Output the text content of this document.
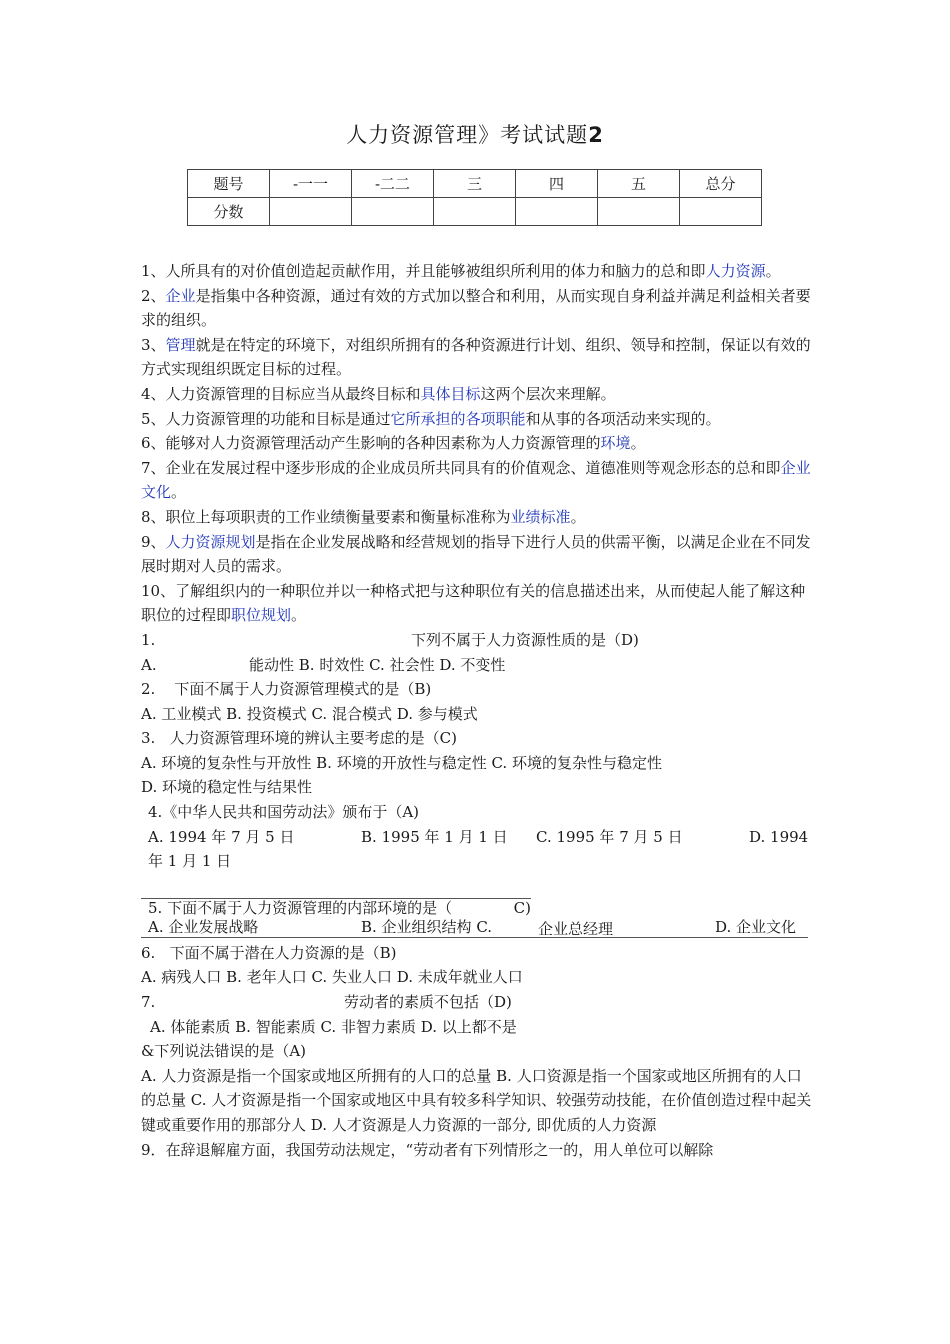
人力资源管理》考试试题2
题号	-一一	-二二	三	四	五	总分
分数						

1、人所具有的对价值创造起贡献作用，并且能够被组织所利用的体力和脑力的总和即人力资源。

2、企业是指集中各种资源，通过有效的方式加以整合和利用，从而实现自身利益并满足利益相关者要求的组织。

3、管理就是在特定的环境下，对组织所拥有的各种资源进行计划、组织、领导和控制，保证以有效的方式实现组织既定目标的过程。

4、人力资源管理的目标应当从最终目标和具体目标这两个层次来理解。

5、人力资源管理的功能和目标是通过它所承担的各项职能和从事的各项活动来实现的。

6、能够对人力资源管理活动产生影响的各种因素称为人力资源管理的环境。

7、企业在发展过程中逐步形成的企业成员所共同具有的价值观念、道德准则等观念形态的总和即企业文化。

8、职位上每项职责的工作业绩衡量要素和衡量标准称为业绩标准。

9、人力资源规划是指在企业发展战略和经营规划的指导下进行人员的供需平衡，以满足企业在不同发展时期对人员的需求。

10、了解组织内的一种职位并以一种格式把与这种职位有关的信息描述出来，从而使起人能了解这种职位的过程即职位规划。

1.	下列不属于人力资源性质的是（D)
A.	能动性 B. 时效性 C. 社会性 D. 不变性

2.    下面不属于人力资源管理模式的是（B)

A. 工业模式 B. 投资模式 C. 混合模式 D. 参与模式

3.   人力资源管理环境的辨认主要考虑的是（C)

A. 环境的复杂性与开放性 B. 环境的开放性与稳定性 C. 环境的复杂性与稳定性

D. 环境的稳定性与结果性

4.《中华人民共和国劳动法》颁布于（A)

A. 1994 年 7 月 5 日	B. 1995 年 1 月 1 日	C. 1995 年 7 月 5 日	D. 1994

年 1 月 1 日

5. 下面不属于人力资源管理的内部环境的是（	C)
A. 企业发展战略	B. 企业组织结构 C.	企业总经理	D. 企业文化

6.   下面不属于潜在人力资源的是（B)

A. 病残人口 B. 老年人口 C. 失业人口 D. 未成年就业人口

7.	劳动者的素质不包括（D)

A. 体能素质 B. 智能素质 C. 非智力素质 D. 以上都不是

&下列说法错误的是（A)

A. 人力资源是指一个国家或地区所拥有的人口的总量 B. 人口资源是指一个国家或地区所拥有的人口的总量 C. 人才资源是指一个国家或地区中具有较多科学知识、较强劳动技能，在价值创造过程中起关键或重要作用的那部分人 D. 人才资源是人力资源的一部分, 即优质的人力资源

9．在辞退解雇方面，我国劳动法规定，“劳动者有下列情形之一的，用人单位可以解除
